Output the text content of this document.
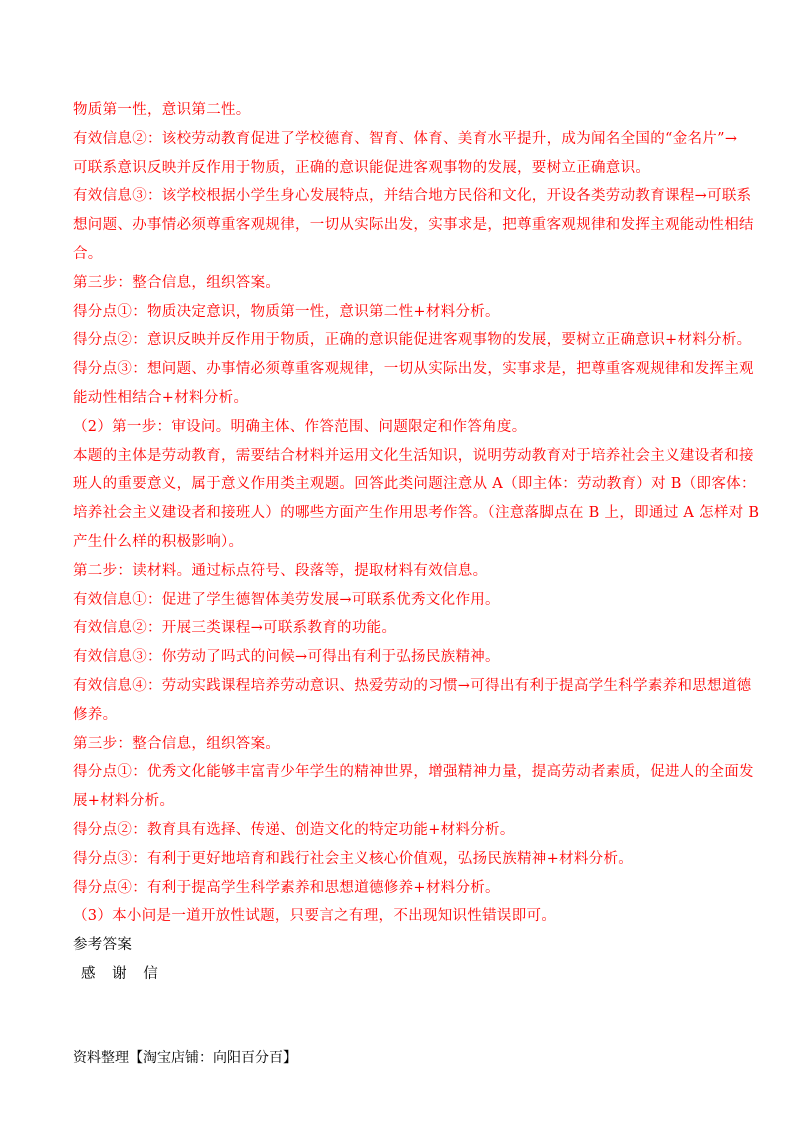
物质第一性，意识第二性。
有效信息②：该校劳动教育促进了学校德育、智育、体育、美育水平提升，成为闻名全国的“金名片”→
可联系意识反映并反作用于物质，正确的意识能促进客观事物的发展，要树立正确意识。
有效信息③：该学校根据小学生身心发展特点，并结合地方民俗和文化，开设各类劳动教育课程→可联系
想问题、办事情必须尊重客观规律，一切从实际出发，实事求是，把尊重客观规律和发挥主观能动性相结
合。
第三步：整合信息，组织答案。
得分点①：物质决定意识，物质第一性，意识第二性+材料分析。
得分点②：意识反映并反作用于物质，正确的意识能促进客观事物的发展，要树立正确意识+材料分析。
得分点③：想问题、办事情必须尊重客观规律，一切从实际出发，实事求是，把尊重客观规律和发挥主观
能动性相结合+材料分析。
（2）第一步：审设问。明确主体、作答范围、问题限定和作答角度。
本题的主体是劳动教育，需要结合材料并运用文化生活知识，说明劳动教育对于培养社会主义建设者和接
班人的重要意义，属于意义作用类主观题。回答此类问题注意从 A（即主体：劳动教育）对 B（即客体：
培养社会主义建设者和接班人）的哪些方面产生作用思考作答。（注意落脚点在 B 上，即通过 A 怎样对 B
产生什么样的积极影响）。
第二步：读材料。通过标点符号、段落等，提取材料有效信息。
有效信息①：促进了学生德智体美劳发展→可联系优秀文化作用。
有效信息②：开展三类课程→可联系教育的功能。
有效信息③：你劳动了吗式的问候→可得出有利于弘扬民族精神。
有效信息④：劳动实践课程培养劳动意识、热爱劳动的习惯→可得出有利于提高学生科学素养和思想道德
修养。
第三步：整合信息，组织答案。
得分点①：优秀文化能够丰富青少年学生的精神世界，增强精神力量，提高劳动者素质，促进人的全面发
展+材料分析。
得分点②：教育具有选择、传递、创造文化的特定功能+材料分析。
得分点③：有利于更好地培育和践行社会主义核心价值观，弘扬民族精神+材料分析。
得分点④：有利于提高学生科学素养和思想道德修养+材料分析。
（3）本小问是一道开放性试题，只要言之有理，不出现知识性错误即可。
参考答案
感 谢 信
资料整理【淘宝店铺：向阳百分百】
